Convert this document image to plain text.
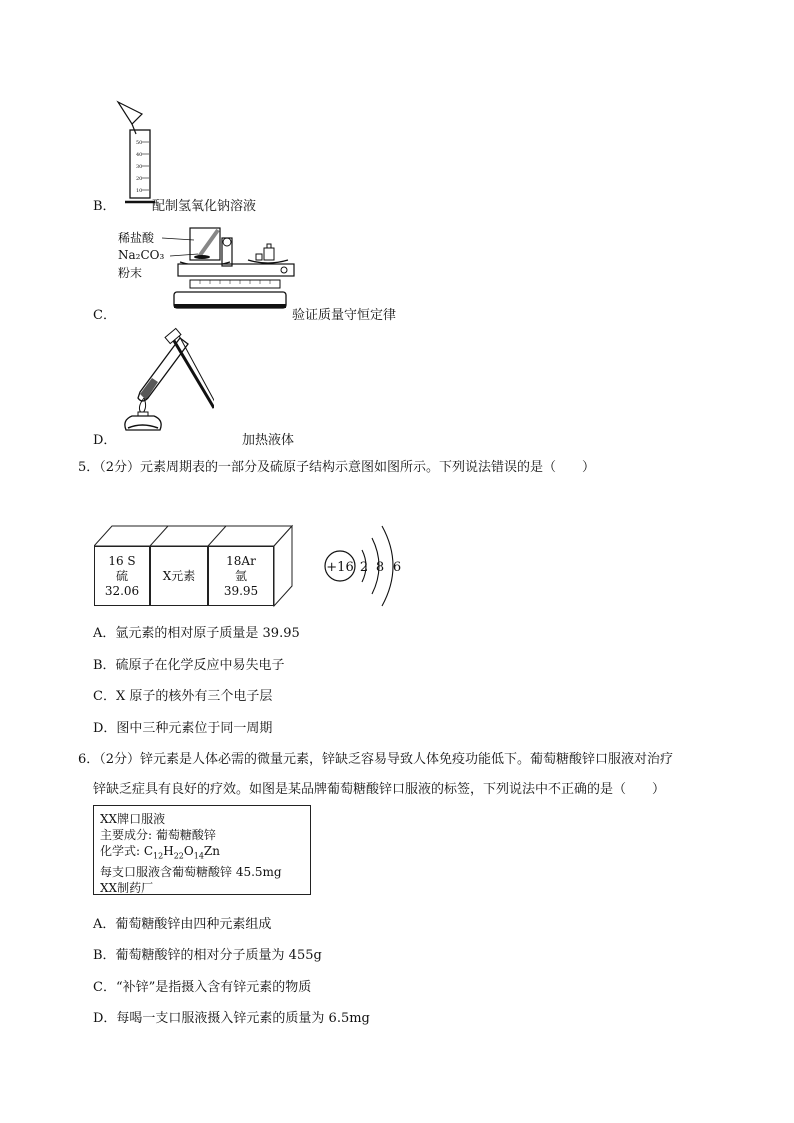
50
40
30
20
10
B．	配制氢氧化钠溶液
稀盐酸
Na₂CO₃
粉末
C．	验证质量守恒定律
D．	加热液体
5．（2分）元素周期表的一部分及硫原子结构示意图如图所示。下列说法错误的是（　　）
16 S
硫
32.06
X元素
18Ar
氩
39.95
+16 2 8 6
A．氩元素的相对原子质量是 39.95
B．硫原子在化学反应中易失电子
C．X 原子的核外有三个电子层
D．图中三种元素位于同一周期
6．（2分）锌元素是人体必需的微量元素，锌缺乏容易导致人体免疫功能低下。葡萄糖酸锌口服液对治疗
锌缺乏症具有良好的疗效。如图是某品牌葡萄糖酸锌口服液的标签，下列说法中不正确的是（　　）
XX牌口服液
主要成分: 葡萄糖酸锌
化学式: $C_{12}H_{22}O_{14}Zn$
每支口服液含葡萄糖酸锌 45.5mg
XX制药厂
A．葡萄糖酸锌由四种元素组成
B．葡萄糖酸锌的相对分子质量为 455g
C．“补锌”是指摄入含有锌元素的物质
D．每喝一支口服液摄入锌元素的质量为 6.5mg
